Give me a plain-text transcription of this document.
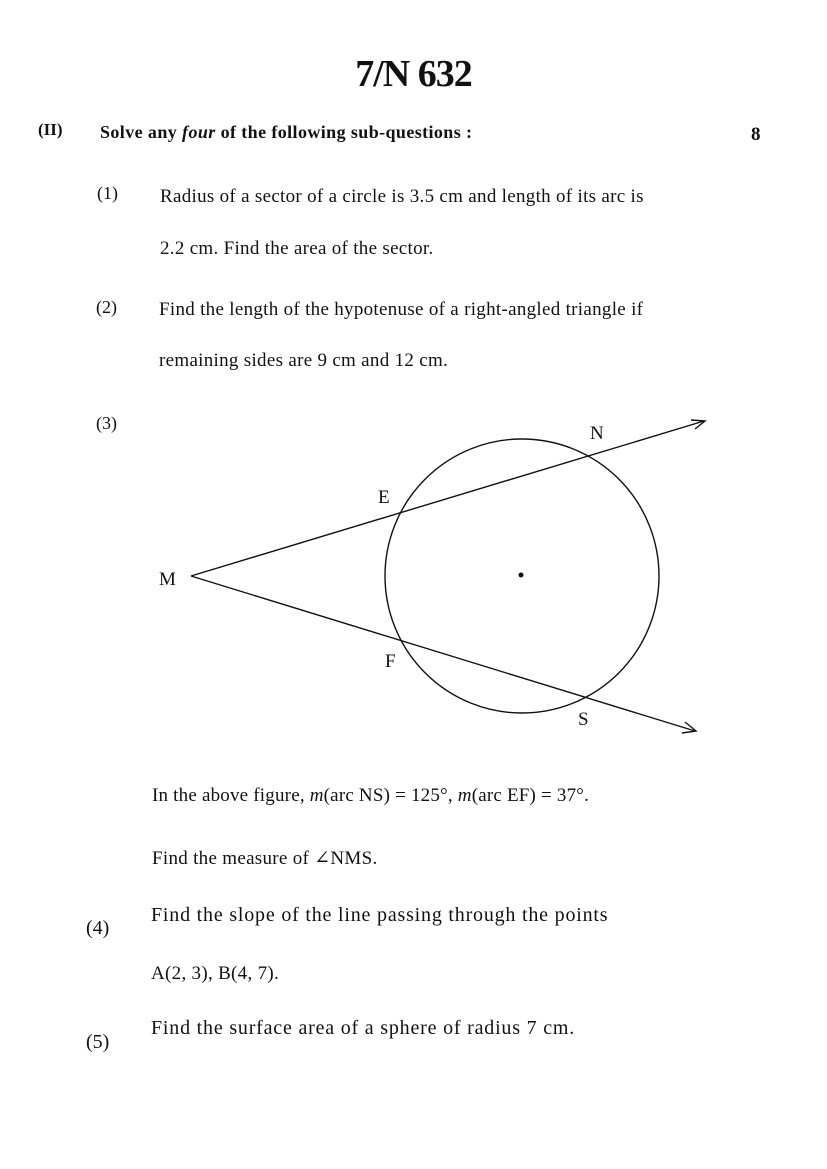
7/N 632
(II) Solve any four of the following sub-questions :	8
(1) Radius of a sector of a circle is 3.5 cm and length of its arc is
2.2 cm. Find the area of the sector.
(2) Find the length of the hypotenuse of a right-angled triangle if
remaining sides are 9 cm and 12 cm.
(3)	N
E
M
F
S
In the above figure, m(arc NS) = 125°, m(arc EF) = 37°.
Find the measure of ∠NMS.
(4)
Find the slope of the line passing through the points
A(2, 3), B(4, 7).
(5)
Find the surface area of a sphere of radius 7 cm.
